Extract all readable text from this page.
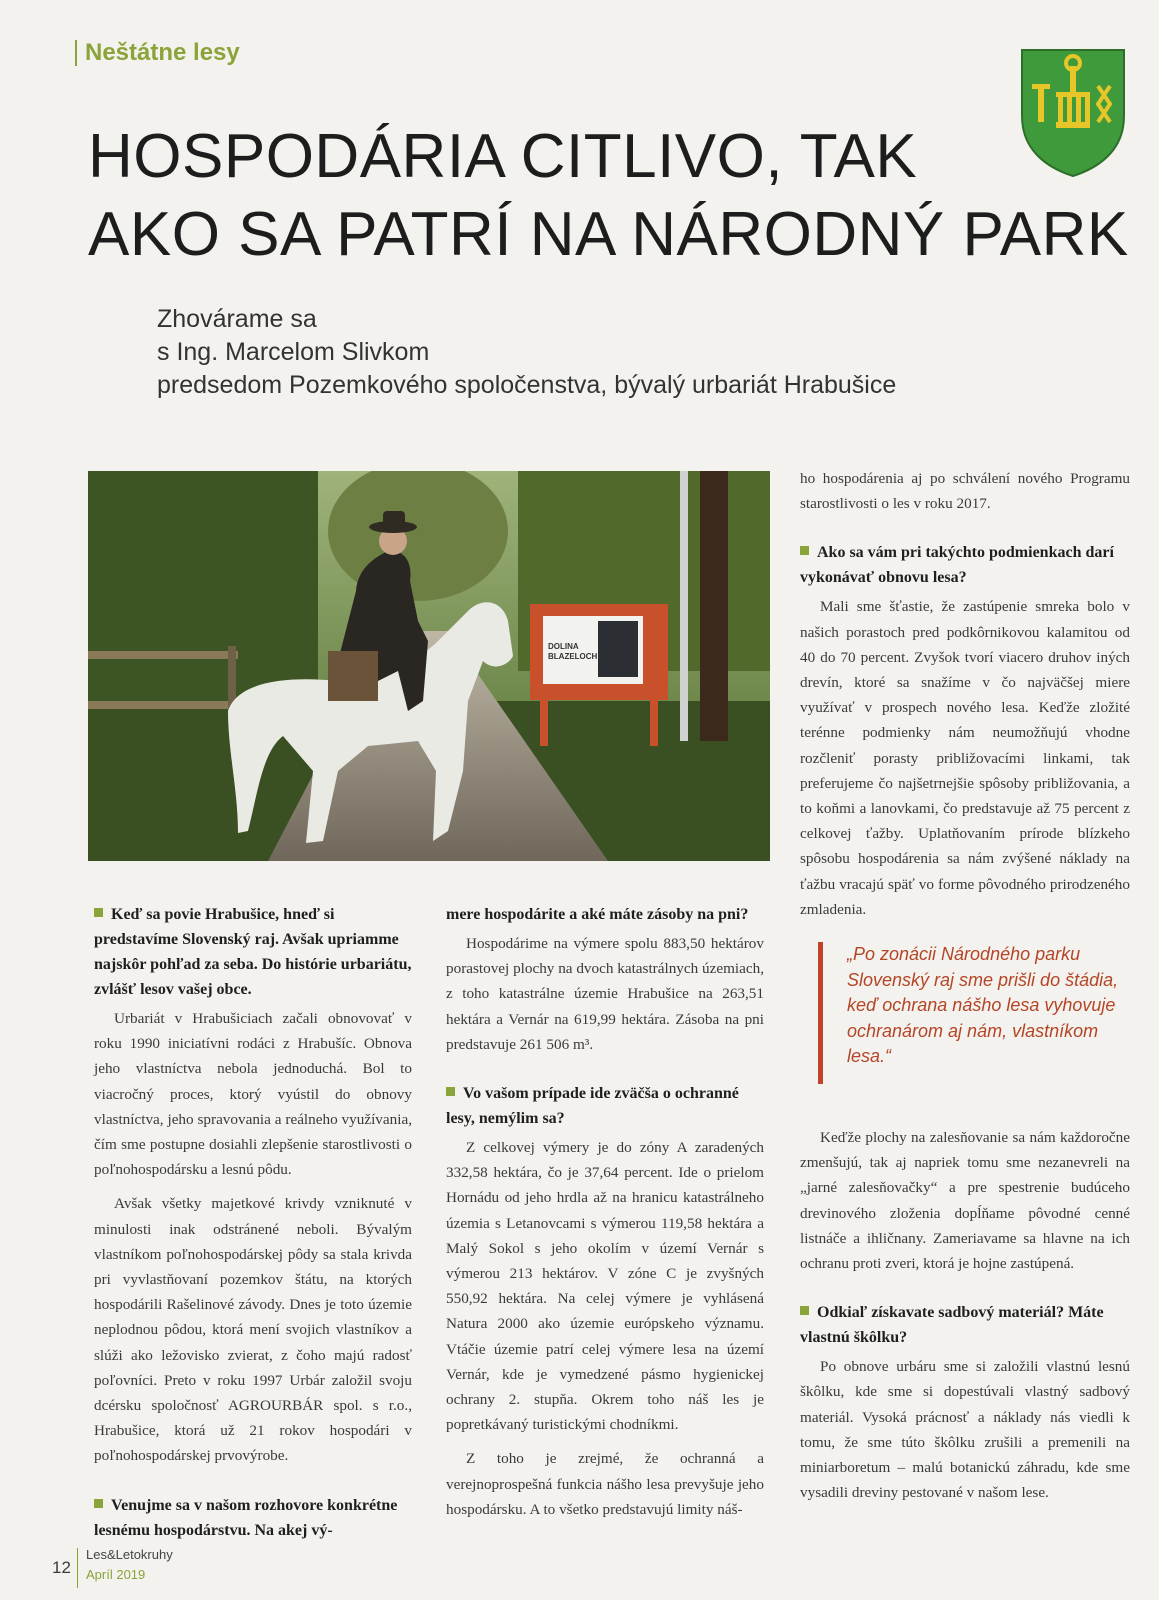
Neštátne lesy
HOSPODÁRIA CITLIVO, TAK
AKO SA PATRÍ NA NÁRODNÝ PARK
Zhovárame sa
s Ing. Marcelom Slivkom
predsedom Pozemkového spoločenstva, bývalý urbariát Hrabušice
DOLINA
BLAZELOCH
Keď sa povie Hrabušice, hneď si predstavíme Slovenský raj. Avšak upriamme najskôr pohľad za seba. Do histórie urbariátu, zvlášť lesov vašej obce.

Urbariát v Hrabušiciach začali obnovovať v roku 1990 iniciatívni rodáci z Hrabušíc. Obnova jeho vlastníctva nebola jednoduchá. Bol to viacročný proces, ktorý vyústil do obnovy vlastníctva, jeho spravovania a reálneho využívania, čím sme postupne dosiahli zlepšenie starostlivosti o poľnohospodársku a lesnú pôdu.

Avšak všetky majetkové krivdy vzniknuté v minulosti inak odstránené neboli. Bývalým vlastníkom poľnohospodárskej pôdy sa stala krivda pri vyvlastňovaní pozemkov štátu, na ktorých hospodárili Rašelinové závody. Dnes je toto územie neplodnou pôdou, ktorá mení svojich vlastníkov a slúži ako ležovisko zvierat, z čoho majú radosť poľovníci. Preto v roku 1997 Urbár založil svoju dcérsku spoločnosť AGROURBÁR spol. s r.o., Hrabušice, ktorá už 21 rokov hospodári v poľnohospodárskej prvovýrobe.

Venujme sa v našom rozhovore konkrétne lesnému hospodárstvu. Na akej vý-
mere hospodárite a aké máte zásoby na pni?

Hospodárime na výmere spolu 883,50 hektárov porastovej plochy na dvoch katastrálnych územiach, z toho katastrálne územie Hrabušice na 263,51 hektára a Vernár na 619,99 hektára. Zásoba na pni predstavuje 261 506 m³.

Vo vašom prípade ide zväčša o ochranné lesy, nemýlim sa?

Z celkovej výmery je do zóny A zaradených 332,58 hektára, čo je 37,64 percent. Ide o prielom Hornádu od jeho hrdla až na hranicu katastrálneho územia s Letanovcami s výmerou 119,58 hektára a Malý Sokol s jeho okolím v území Vernár s výmerou 213 hektárov. V zóne C je zvyšných 550,92 hektára. Na celej výmere je vyhlásená Natura 2000 ako územie európskeho významu. Vtáčie územie patrí celej výmere lesa na území Vernár, kde je vymedzené pásmo hygienickej ochrany 2. stupňa. Okrem toho náš les je popretkávaný turistickými chodníkmi.

Z toho je zrejmé, že ochranná a verejnoprospešná funkcia nášho lesa prevyšuje jeho hospodársku. A to všetko predstavujú limity náš-

ho hospodárenia aj po schválení nového Programu starostlivosti o les v roku 2017.

Ako sa vám pri takýchto podmienkach darí vykonávať obnovu lesa?

Mali sme šťastie, že zastúpenie smreka bolo v našich porastoch pred podkôrnikovou kalamitou od 40 do 70 percent. Zvyšok tvorí viacero druhov iných drevín, ktoré sa snažíme v čo najväčšej miere využívať v prospech nového lesa. Keďže zložité terénne podmienky nám neumožňujú vhodne rozčleniť porasty približovacími linkami, tak preferujeme čo najšetrnejšie spôsoby približovania, a to koňmi a lanovkami, čo predstavuje až 75 percent z celkovej ťažby. Uplatňovaním prírode blízkeho spôsobu hospodárenia sa nám zvýšené náklady na ťažbu vracajú späť vo forme pôvodného prirodzeného zmladenia.

„Po zonácii Národného parku Slovenský raj sme prišli do štádia, keď ochrana nášho lesa vyhovuje ochranárom aj nám, vlastníkom lesa.“

Keďže plochy na zalesňovanie sa nám každoročne zmenšujú, tak aj napriek tomu sme nezanevreli na „jarné zalesňovačky“ a pre spestrenie budúceho drevinového zloženia dopĺňame pôvodné cenné listnáče a ihličnany. Zameriavame sa hlavne na ich ochranu proti zveri, ktorá je hojne zastúpená.

Odkiaľ získavate sadbový materiál? Máte vlastnú škôlku?

Po obnove urbáru sme si založili vlastnú lesnú škôlku, kde sme si dopestúvali vlastný sadbový materiál. Vysoká prácnosť a náklady nás viedli k tomu, že sme túto škôlku zrušili a premenili na miniarboretum – malú botanickú záhradu, kde sme vysadili dreviny pestované v našom lese.

12
Les&Letokruhy
Apríl 2019
